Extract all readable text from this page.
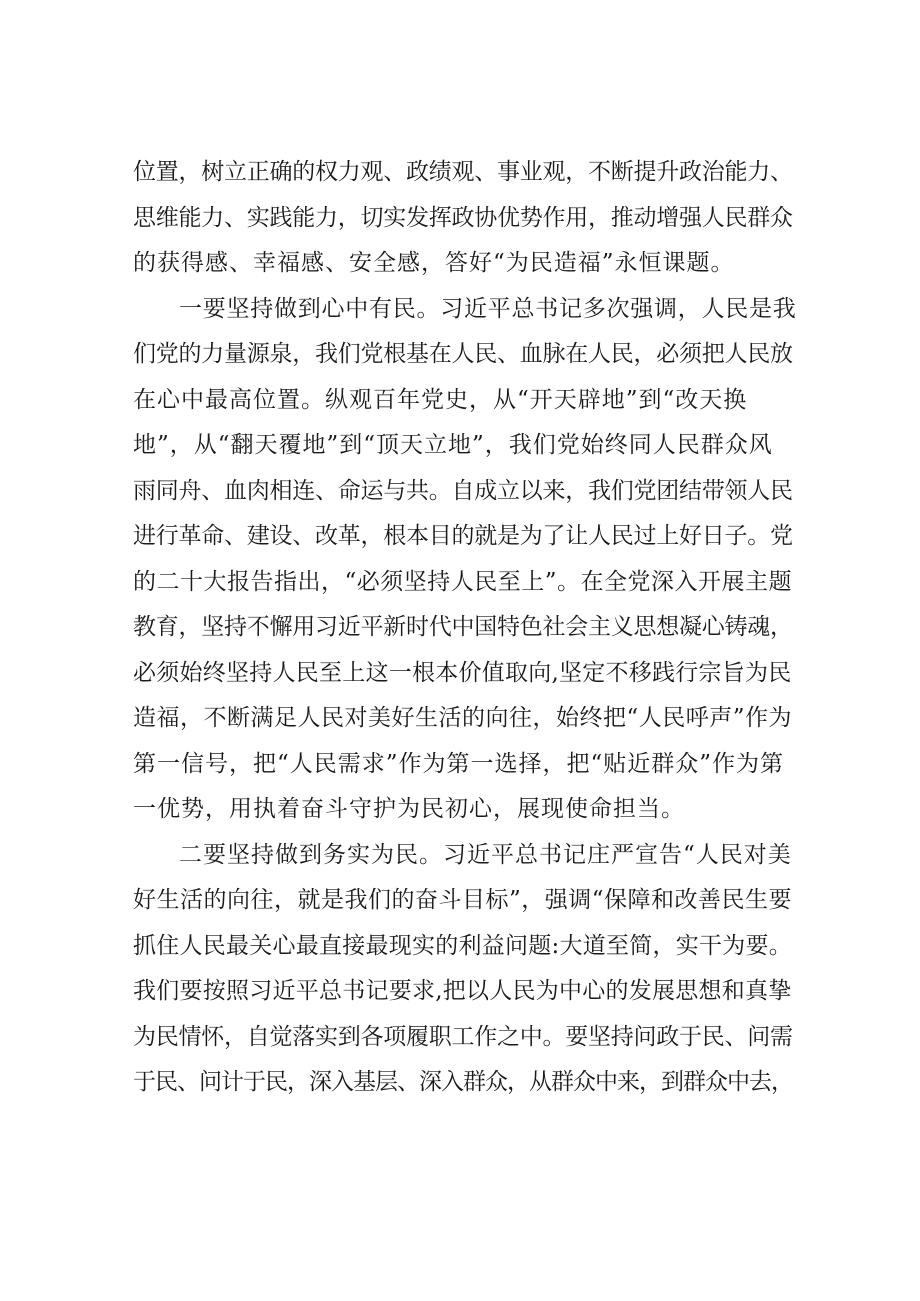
位置，树立正确的权力观、政绩观、事业观，不断提升政治能力、
思维能力、实践能力，切实发挥政协优势作用，推动增强人民群众
的获得感、幸福感、安全感，答好“为民造福”永恒课题。
一要坚持做到心中有民。习近平总书记多次强调，人民是我
们党的力量源泉，我们党根基在人民、血脉在人民，必须把人民放
在心中最高位置。纵观百年党史，从“开天辟地”到“改天换
地”，从“翻天覆地”到“顶天立地”，我们党始终同人民群众风
雨同舟、血肉相连、命运与共。自成立以来，我们党团结带领人民
进行革命、建设、改革，根本目的就是为了让人民过上好日子。党
的二十大报告指出，“必须坚持人民至上”。在全党深入开展主题
教育，坚持不懈用习近平新时代中国特色社会主义思想凝心铸魂，
必须始终坚持人民至上这一根本价值取向,坚定不移践行宗旨为民
造福，不断满足人民对美好生活的向往，始终把“人民呼声”作为
第一信号，把“人民需求”作为第一选择，把“贴近群众”作为第
一优势，用执着奋斗守护为民初心，展现使命担当。
二要坚持做到务实为民。习近平总书记庄严宣告“人民对美
好生活的向往，就是我们的奋斗目标”，强调“保障和改善民生要
抓住人民最关心最直接最现实的利益问题:大道至简，实干为要。
我们要按照习近平总书记要求,把以人民为中心的发展思想和真挚
为民情怀，自觉落实到各项履职工作之中。要坚持问政于民、问需
于民、问计于民，深入基层、深入群众，从群众中来，到群众中去，
